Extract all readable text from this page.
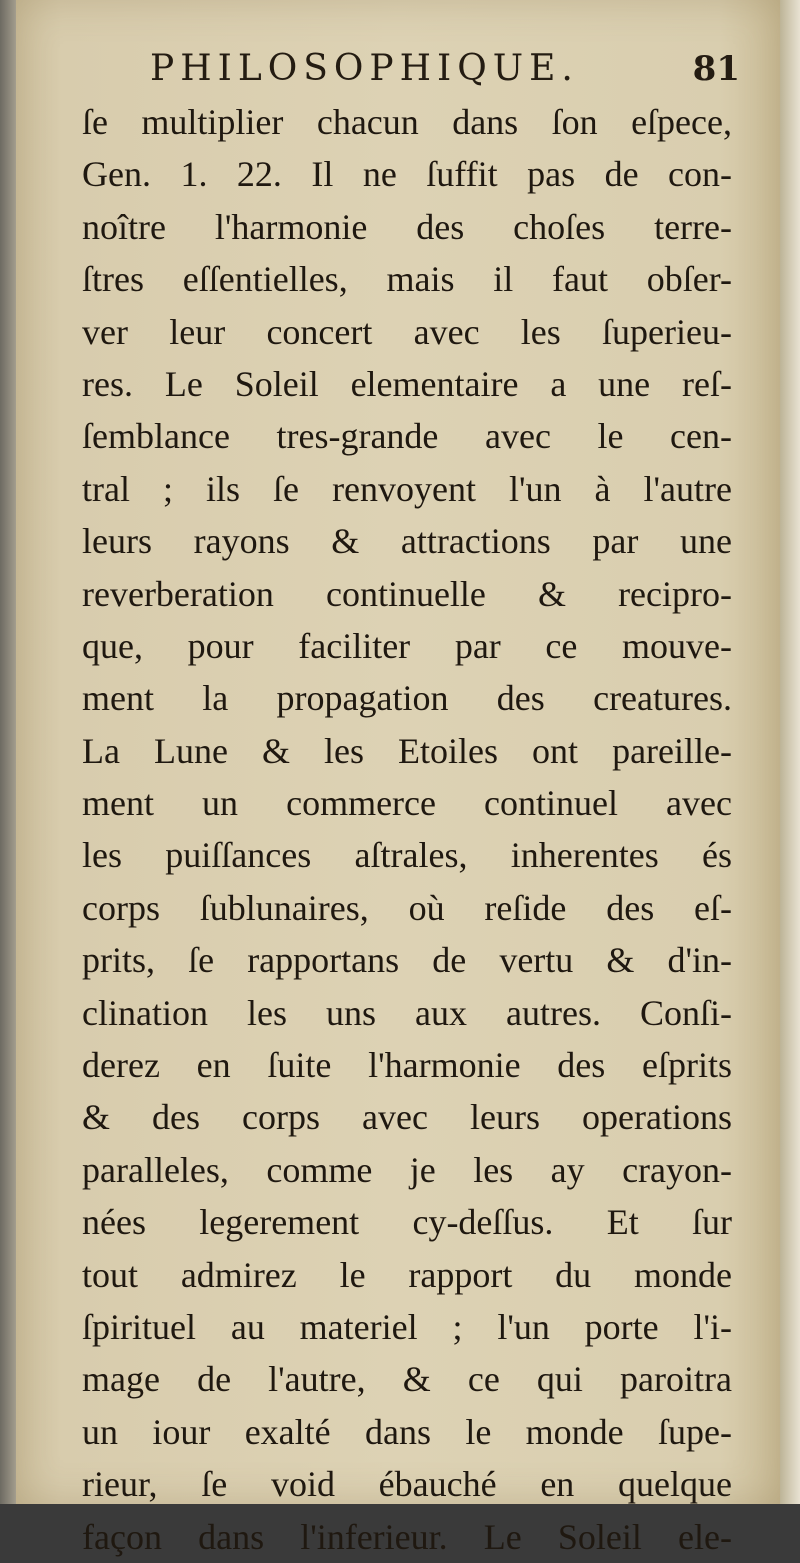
PHILOSOPHIQUE.	81
ſe multiplier chacun dans ſon eſpece,
Gen. 1. 22. Il ne ſuffit pas de con-
noître l'harmonie des choſes terre-
ſtres eſſentielles, mais il faut obſer-
ver leur concert avec les ſuperieu-
res. Le Soleil elementaire a une reſ-
ſemblance tres-grande avec le cen-
tral ; ils ſe renvoyent l'un à l'autre
leurs rayons & attractions par une
reverberation continuelle & recipro-
que, pour faciliter par ce mouve-
ment la propagation des creatures.
La Lune & les Etoiles ont pareille-
ment un commerce continuel avec
les puiſſances aſtrales, inherentes és
corps ſublunaires, où reſide des eſ-
prits, ſe rapportans de vertu & d'in-
clination les uns aux autres. Conſi-
derez en ſuite l'harmonie des eſprits
& des corps avec leurs operations
paralleles, comme je les ay crayon-
nées legerement cy-deſſus. Et ſur
tout admirez le rapport du monde
ſpirituel au materiel ; l'un porte l'i-
mage de l'autre, & ce qui paroitra
un iour exalté dans le monde ſupe-
rieur, ſe void ébauché en quelque
façon dans l'inferieur. Le Soleil ele-
